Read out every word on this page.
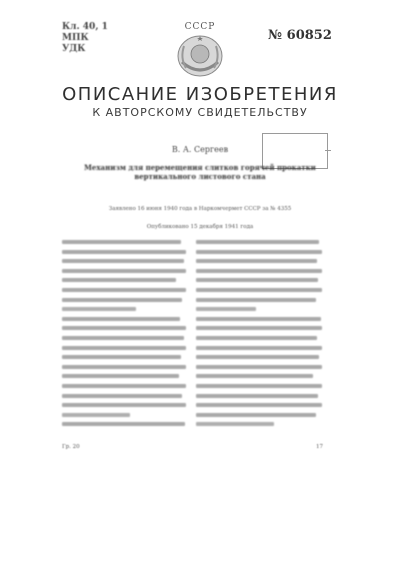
Кл. 40, 1
МПК
УДК
СССР
№ 60852
ОПИСАНИЕ ИЗОБРЕТЕНИЯ
К АВТОРСКОМУ СВИДЕТЕЛЬСТВУ
В. А. Сергеев
Механизм для перемещения слитков горячей прокатки вертикального листового стана
Заявлено 16 июня 1940 года в Наркомчермет СССР за № 4355
Опубликовано 15 декабря 1941 года
Гр. 20	17
